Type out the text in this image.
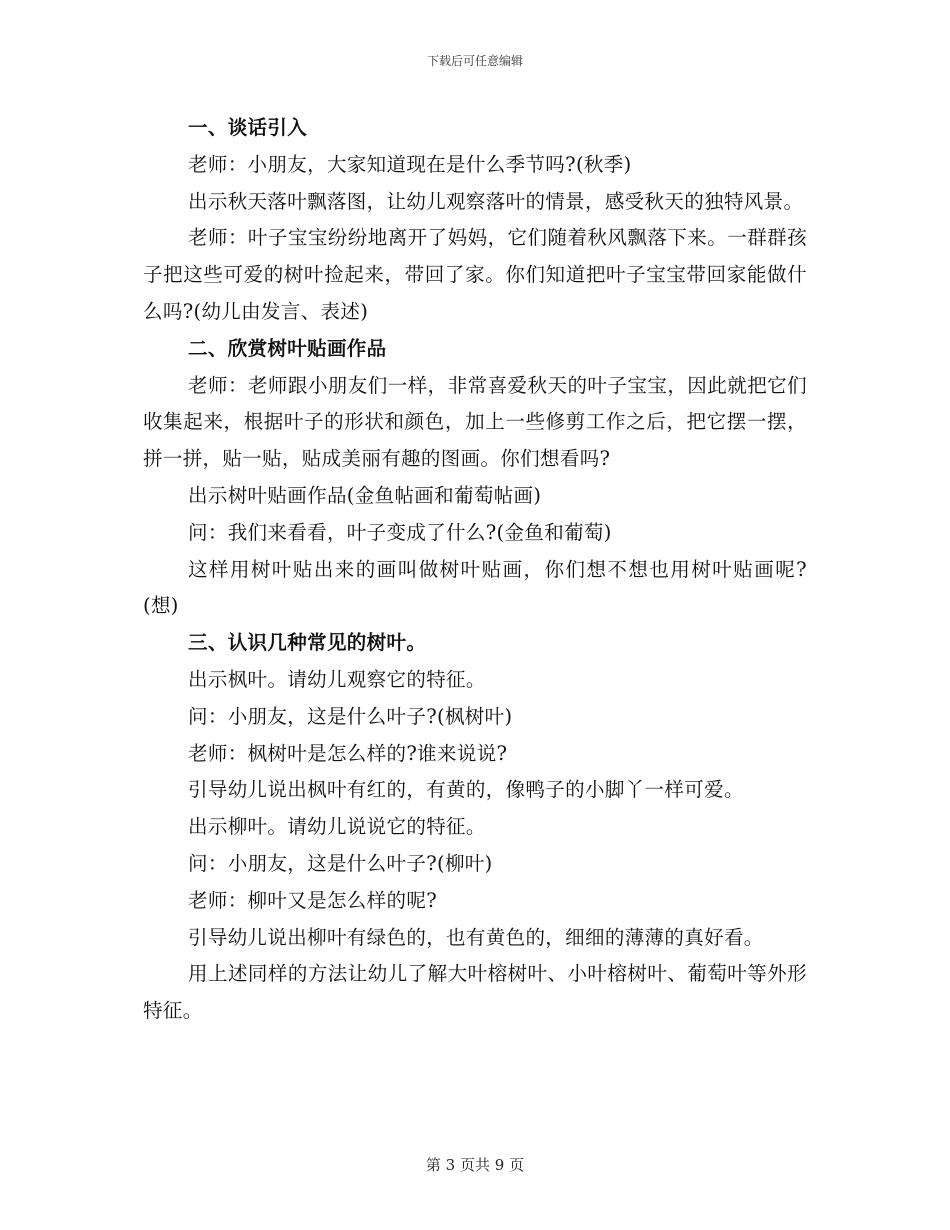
下载后可任意编辑

一、谈话引入

老师：小朋友，大家知道现在是什么季节吗?(秋季)

出示秋天落叶飘落图，让幼儿观察落叶的情景，感受秋天的独特风景。

老师：叶子宝宝纷纷地离开了妈妈，它们随着秋风飘落下来。一群群孩子把这些可爱的树叶捡起来，带回了家。你们知道把叶子宝宝带回家能做什么吗?(幼儿由发言、表述)

二、欣赏树叶贴画作品

老师：老师跟小朋友们一样，非常喜爱秋天的叶子宝宝，因此就把它们收集起来，根据叶子的形状和颜色，加上一些修剪工作之后，把它摆一摆，拼一拼，贴一贴，贴成美丽有趣的图画。你们想看吗?

出示树叶贴画作品(金鱼帖画和葡萄帖画)

问：我们来看看，叶子变成了什么?(金鱼和葡萄)

这样用树叶贴出来的画叫做树叶贴画，你们想不想也用树叶贴画呢?(想)

三、认识几种常见的树叶。

出示枫叶。请幼儿观察它的特征。

问：小朋友，这是什么叶子?(枫树叶)

老师：枫树叶是怎么样的?谁来说说?

引导幼儿说出枫叶有红的，有黄的，像鸭子的小脚丫一样可爱。

出示柳叶。请幼儿说说它的特征。

问：小朋友，这是什么叶子?(柳叶)

老师：柳叶又是怎么样的呢?

引导幼儿说出柳叶有绿色的，也有黄色的，细细的薄薄的真好看。

用上述同样的方法让幼儿了解大叶榕树叶、小叶榕树叶、葡萄叶等外形特征。

第 3 页共 9 页
